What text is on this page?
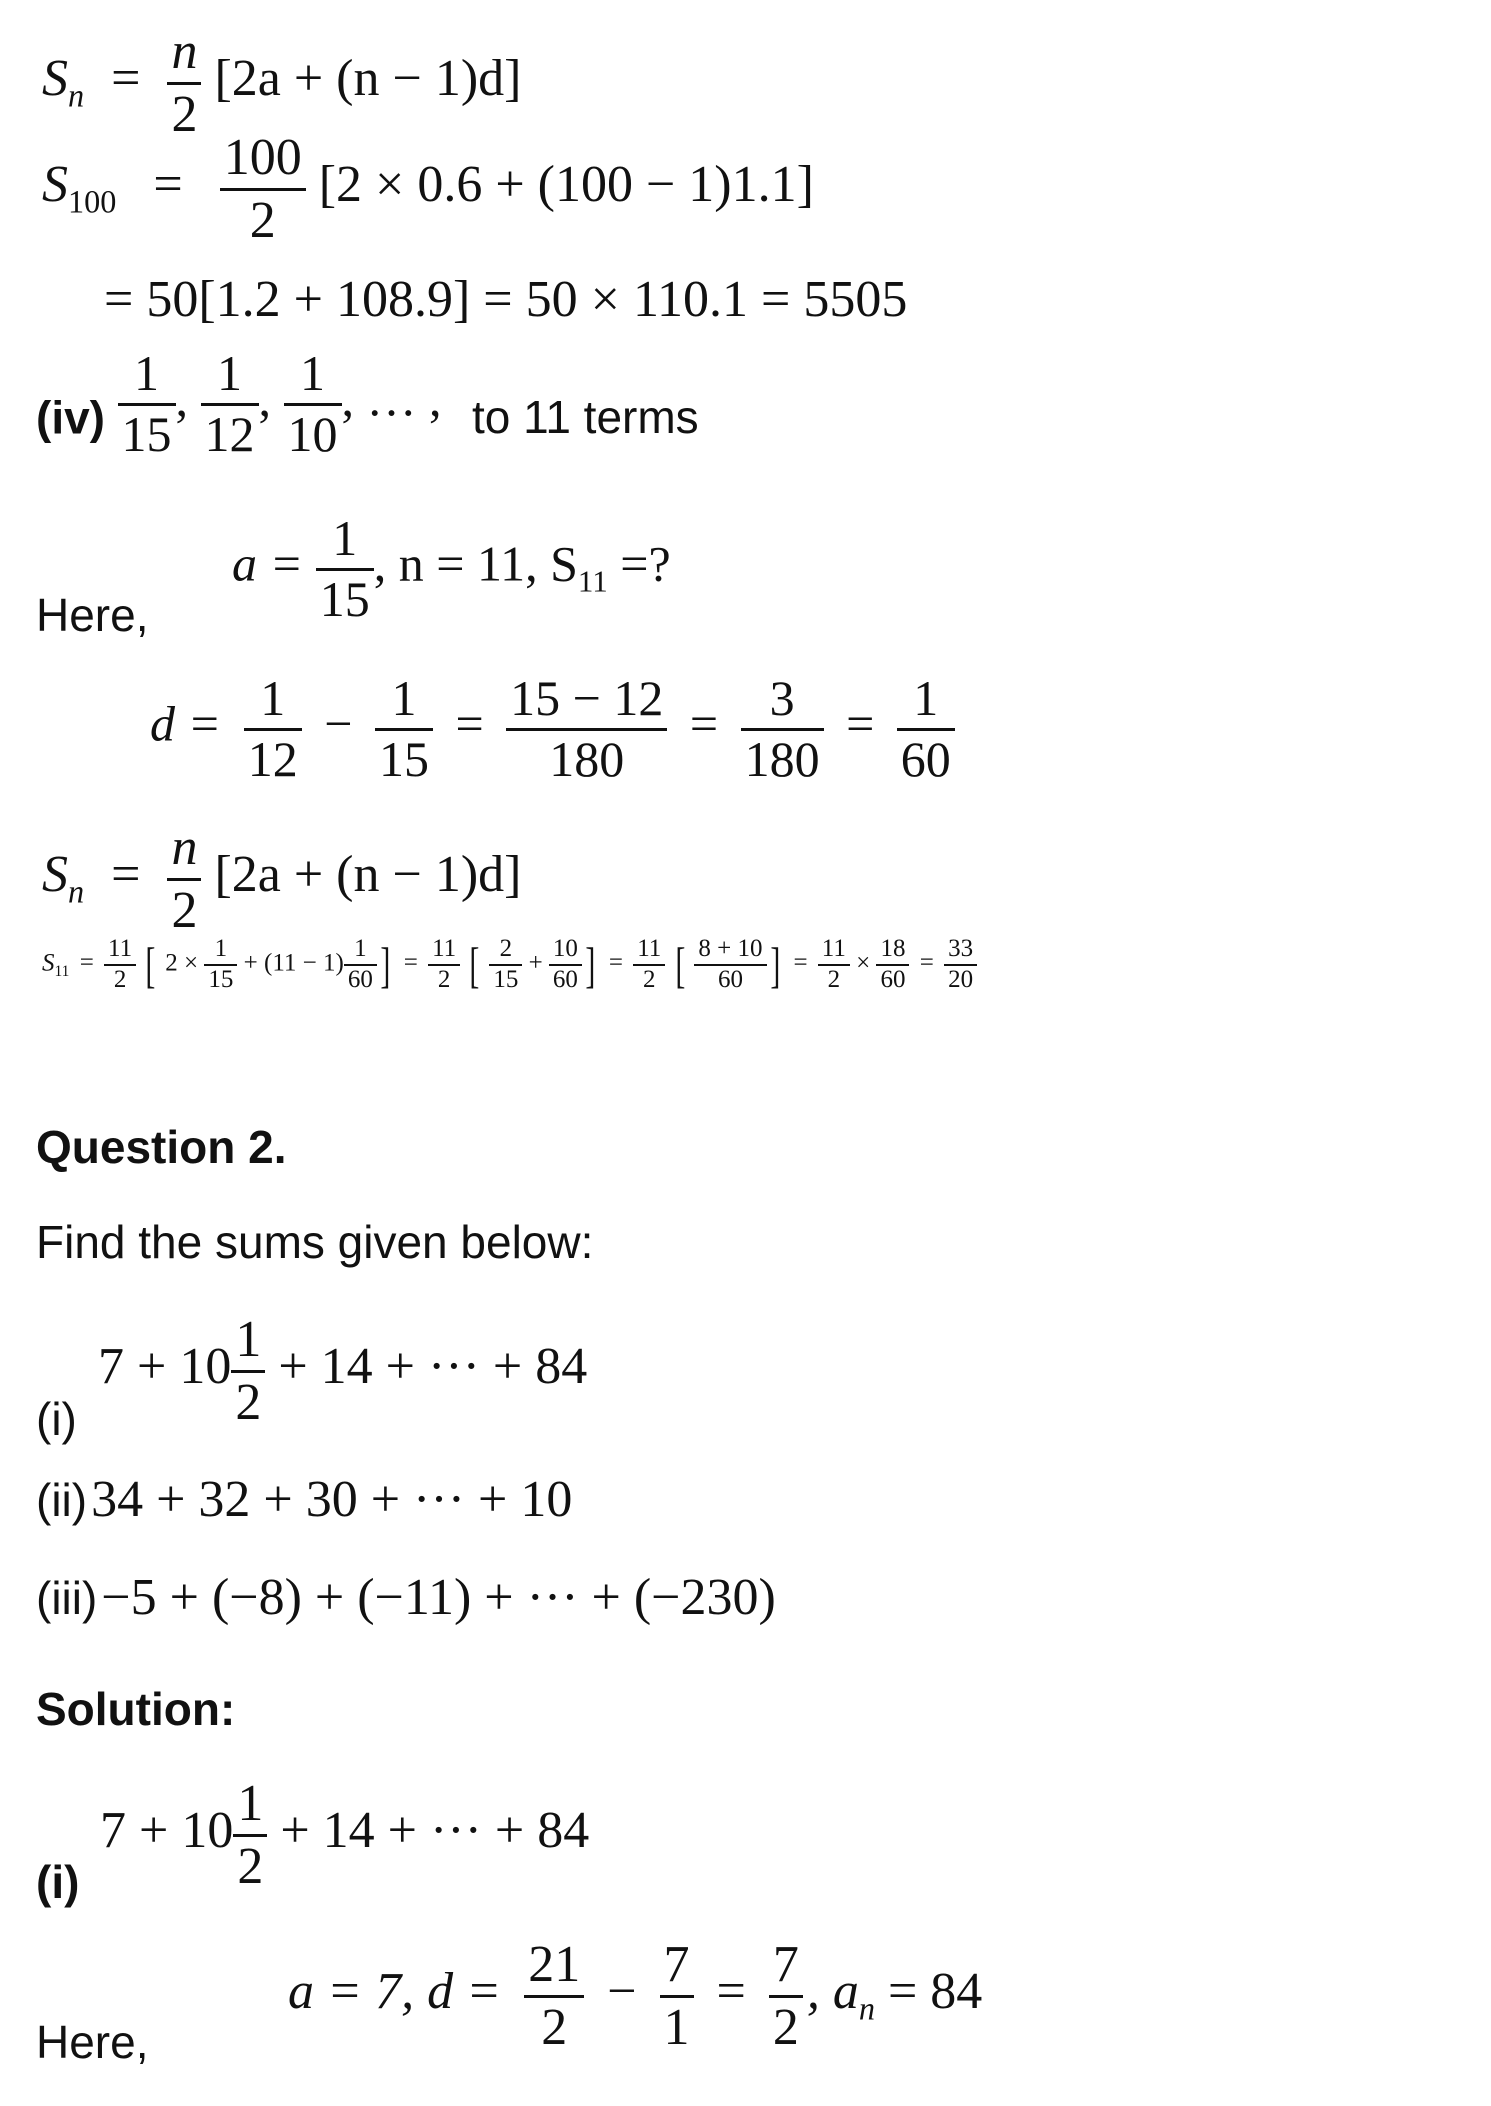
$S_n = \frac{n}{2} [2a + (n - 1)d]$
$S_{100} = \frac{100}{2} [2 \times 0.6 + (100 - 1)1.1]$
= 50[1.2 + 108.9] = 50 × 110.1 = 5505
$(iv) \frac{1}{15}$ , $\frac{1}{12}$ , $\frac{1}{10}$ , … , to 11 terms
Here,
$a = \frac{1}{15}$ , n = 11, $S_{11}$ =?
$d = \frac{1}{12} - \frac{1}{15} = \frac{15 - 12}{180} = \frac{3}{180} = \frac{1}{60}$
$S_n = \frac{n}{2} [2a + (n - 1)d]$
$S_{11} = \frac{11}{2}$ [ $2 \times \frac{1}{15} + (11 - 1) \frac{1}{60}$ ] = $\frac{11}{2}$ [ $\frac{2}{15} + \frac{10}{60}$ ] = $\frac{11}{2}$ [ $\frac{8 + 10}{60}$ ] = $\frac{11}{2} \times \frac{18}{60} = \frac{33}{20}$
Question 2.
Find the sums given below:
(i)
$7 + 10 \frac{1}{2} + 14$ + ··· + 84
(ii) 34 + 32 + 30 + ··· + 10
(iii) −5 + (−8) + (−11) + ··· + (−230)
Solution:
(i)
$7 + 10 \frac{1}{2} + 14$ + ··· + 84
Here,
a = 7, $d = \frac{21}{2} - \frac{7}{1} = \frac{7}{2}$ , $a_n = 84$
